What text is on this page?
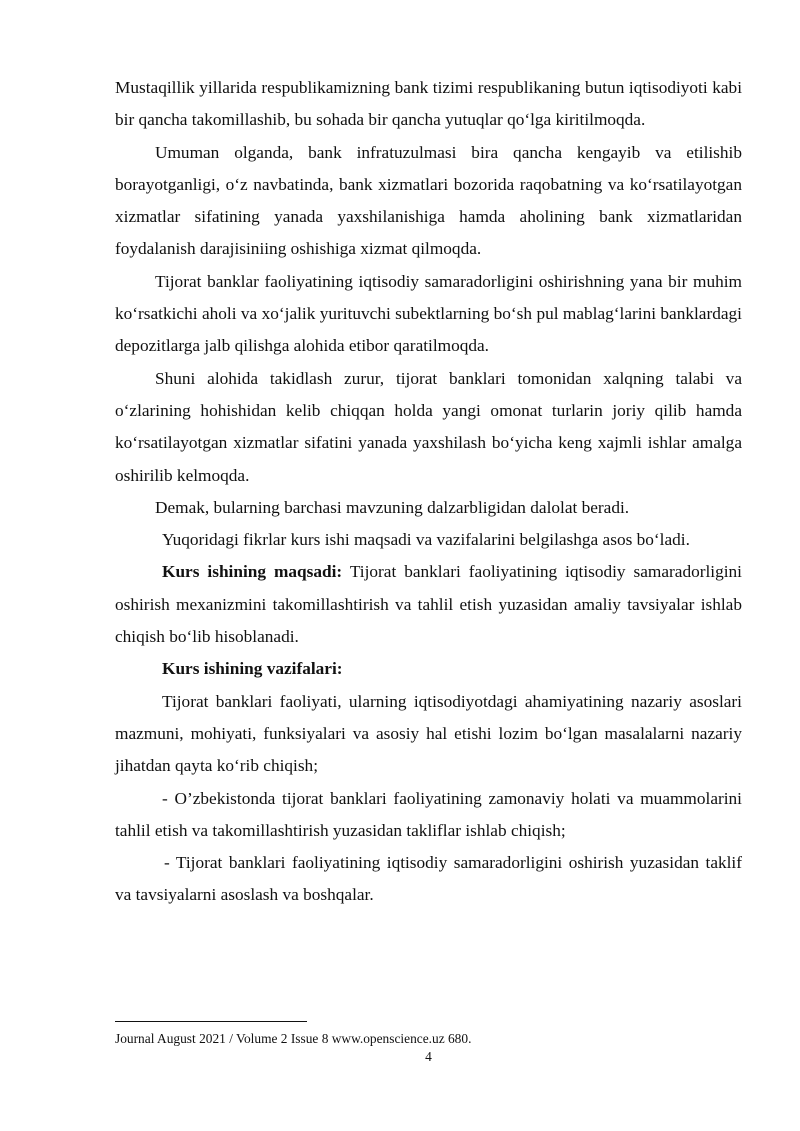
Mustaqillik yillarida respublikamizning bank tizimi respublikaning butun iqtisodiyoti kabi bir qancha takomillashib, bu sohada bir qancha yutuqlar qo‘lga kiritilmoqda.

Umuman olganda, bank infratuzulmasi bira qancha kengayib va etilishib borayotganligi, o‘z navbatinda, bank xizmatlari bozorida raqobatning va ko‘rsatilayotgan xizmatlar sifatining yanada yaxshilanishiga hamda aholining bank xizmatlaridan foydalanish darajisiniing oshishiga xizmat qilmoqda.

Tijorat banklar faoliyatining iqtisodiy samaradorligini oshirishning yana bir muhim ko‘rsatkichi aholi va xo‘jalik yurituvchi subektlarning bo‘sh pul mablag‘larini banklardagi depozitlarga jalb qilishga alohida etibor qaratilmoqda.

Shuni alohida takidlash zurur, tijorat banklari tomonidan xalqning talabi va o‘zlarining hohishidan kelib chiqqan holda yangi omonat turlarin joriy qilib hamda ko‘rsatilayotgan xizmatlar sifatini yanada yaxshilash bo‘yicha keng xajmli ishlar amalga oshirilib kelmoqda.

Demak, bularning barchasi mavzuning dalzarbligidan dalolat beradi.

Yuqoridagi fikrlar kurs ishi maqsadi va vazifalarini belgilashga asos bo‘ladi.

Kurs ishining maqsadi: Tijorat banklari faoliyatining iqtisodiy samaradorligini oshirish mexanizmini takomillashtirish va tahlil etish yuzasidan amaliy tavsiyalar ishlab chiqish bo‘lib hisoblanadi.

Kurs ishining vazifalari:

Tijorat banklari faoliyati, ularning iqtisodiyotdagi ahamiyatining nazariy asoslari mazmuni, mohiyati, funksiyalari va asosiy hal etishi lozim bo‘lgan masalalarni nazariy jihatdan qayta ko‘rib chiqish;

- O’zbekistonda tijorat banklari faoliyatining zamonaviy holati va muammolarini tahlil etish va takomillashtirish yuzasidan takliflar ishlab chiqish;

- Tijorat banklari faoliyatining iqtisodiy samaradorligini oshirish yuzasidan taklif va tavsiyalarni asoslash va boshqalar.

Journal August 2021 / Volume 2 Issue 8 www.openscience.uz 680.
4
